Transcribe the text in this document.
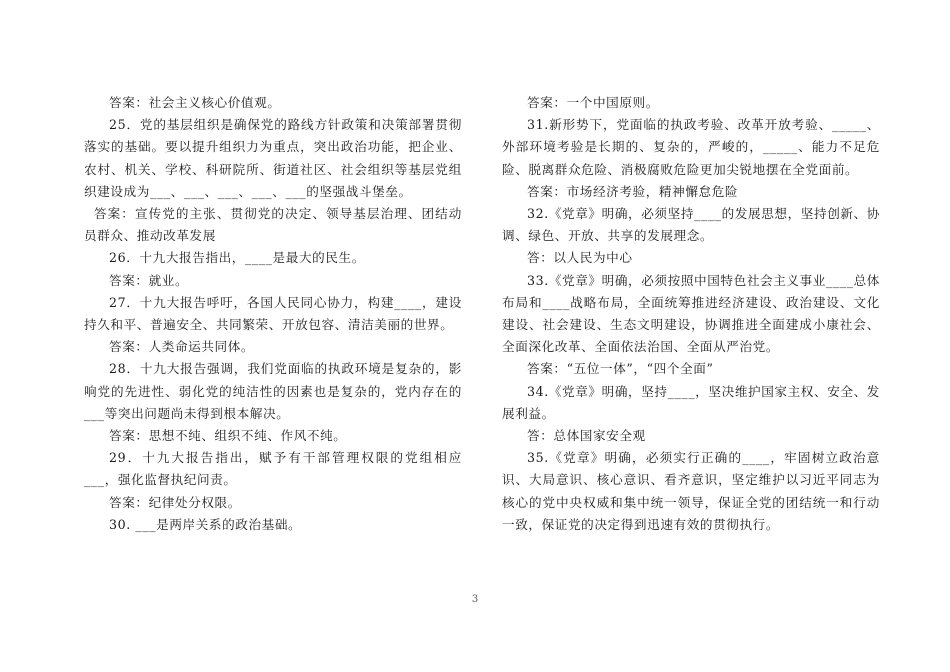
答案：社会主义核心价值观。

25．党的基层组织是确保党的路线方针政策和决策部署贯彻落实的基础。要以提升组织力为重点，突出政治功能，把企业、农村、机关、学校、科研院所、街道社区、社会组织等基层党组织建设成为___、___、___、___、___的坚强战斗堡垒。

答案：宣传党的主张、贯彻党的决定、领导基层治理、团结动员群众、推动改革发展

26．十九大报告指出，____是最大的民生。

答案：就业。

27．十九大报告呼吁，各国人民同心协力，构建____，建设持久和平、普遍安全、共同繁荣、开放包容、清洁美丽的世界。

答案：人类命运共同体。

28．十九大报告强调，我们党面临的执政环境是复杂的，影响党的先进性、弱化党的纯洁性的因素也是复杂的，党内存在的___等突出问题尚未得到根本解决。

答案：思想不纯、组织不纯、作风不纯。

29．十九大报告指出，赋予有干部管理权限的党组相应___，强化监督执纪问责。

答案：纪律处分权限。

30. ___是两岸关系的政治基础。

答案：一个中国原则。

31.新形势下，党面临的执政考验、改革开放考验、_____、外部环境考验是长期的、复杂的，严峻的，_____、能力不足危险、脱离群众危险、消极腐败危险更加尖锐地摆在全党面前。

答案：市场经济考验，精神懈怠危险

32.《党章》明确，必须坚持____的发展思想，坚持创新、协调、绿色、开放、共享的发展理念。

答：以人民为中心

33.《党章》明确，必须按照中国特色社会主义事业____总体布局和____战略布局，全面统筹推进经济建设、政治建设、文化建设、社会建设、生态文明建设，协调推进全面建成小康社会、全面深化改革、全面依法治国、全面从严治党。

答案：“五位一体”，“四个全面”

34.《党章》明确，坚持____，坚决维护国家主权、安全、发展利益。

答：总体国家安全观

35.《党章》明确，必须实行正确的____，牢固树立政治意识、大局意识、核心意识、看齐意识，坚定维护以习近平同志为核心的党中央权威和集中统一领导，保证全党的团结统一和行动一致，保证党的决定得到迅速有效的贯彻执行。

3
